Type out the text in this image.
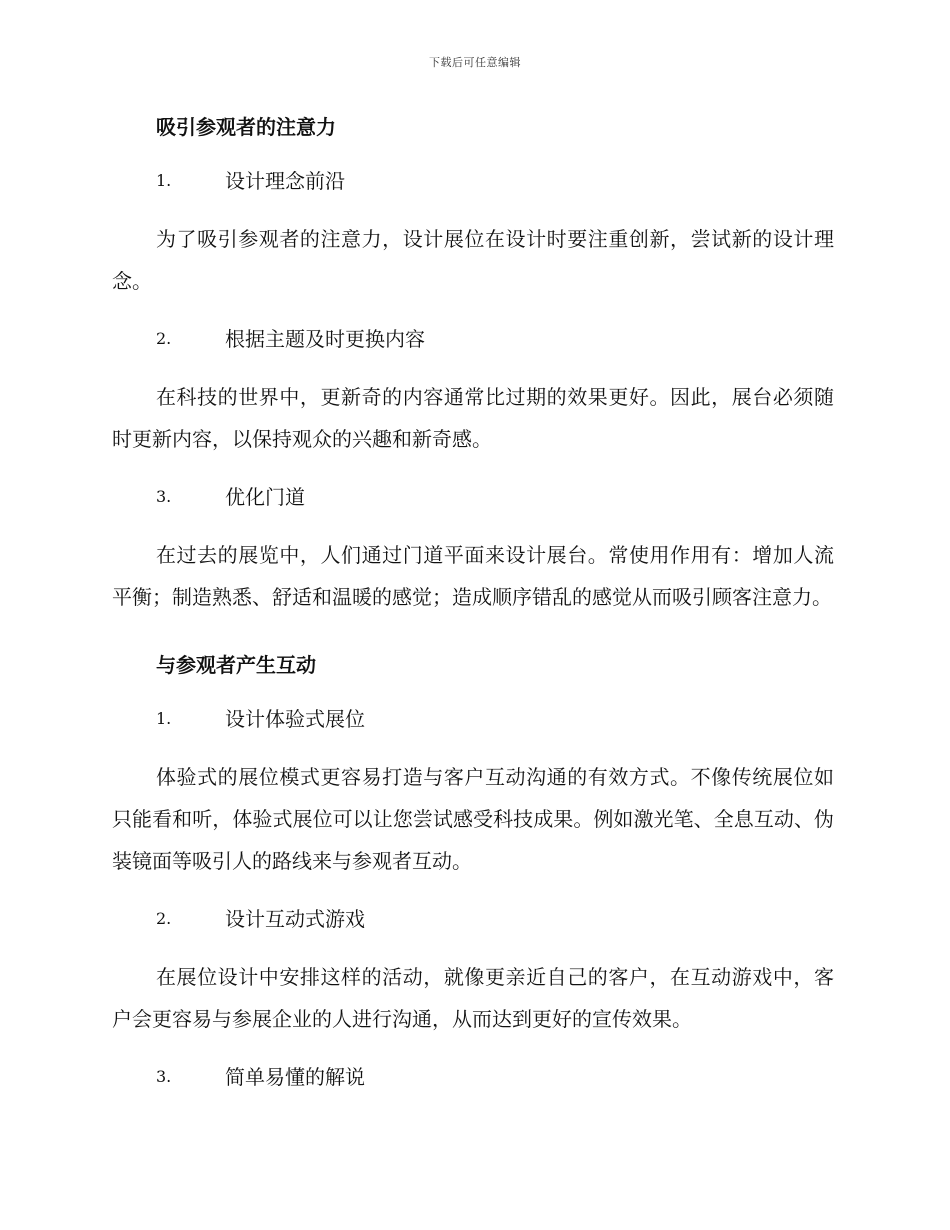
下载后可任意编辑
吸引参观者的注意力
1.	设计理念前沿

为了吸引参观者的注意力，设计展位在设计时要注重创新，尝试新的设计理念。

2.	根据主题及时更换内容

在科技的世界中，更新奇的内容通常比过期的效果更好。因此，展台必须随时更新内容，以保持观众的兴趣和新奇感。

3.	优化门道

在过去的展览中，人们通过门道平面来设计展台。常使用作用有：增加人流平衡；制造熟悉、舒适和温暖的感觉；造成顺序错乱的感觉从而吸引顾客注意力。

与参观者产生互动
1.	设计体验式展位

体验式的展位模式更容易打造与客户互动沟通的有效方式。不像传统展位如只能看和听，体验式展位可以让您尝试感受科技成果。例如激光笔、全息互动、伪装镜面等吸引人的路线来与参观者互动。

2.	设计互动式游戏

在展位设计中安排这样的活动，就像更亲近自己的客户，在互动游戏中，客户会更容易与参展企业的人进行沟通，从而达到更好的宣传效果。

3.	简单易懂的解说
